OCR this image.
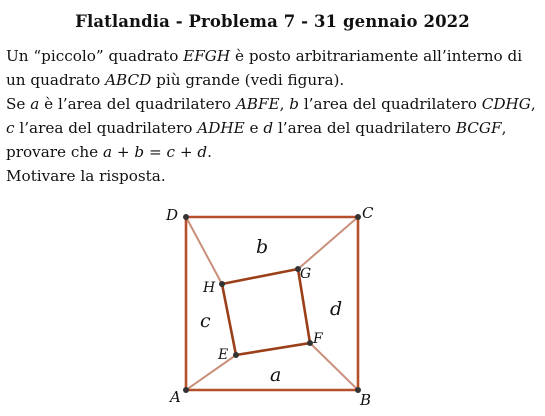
Flatlandia - Problema 7 - 31 gennaio 2022

Un “piccolo” quadrato EFGH è posto arbitrariamente all’interno di un quadrato ABCD più grande (vedi figura).

Se a è l’area del quadrilatero ABFE, b l’area del quadrilatero CDHG, c l’area del quadrilatero ADHE e d l’area del quadrilatero BCGF, provare che a + b = c + d.

Motivare la risposta.

A	B
C
D
E
F
G
H
a
b
c
d
